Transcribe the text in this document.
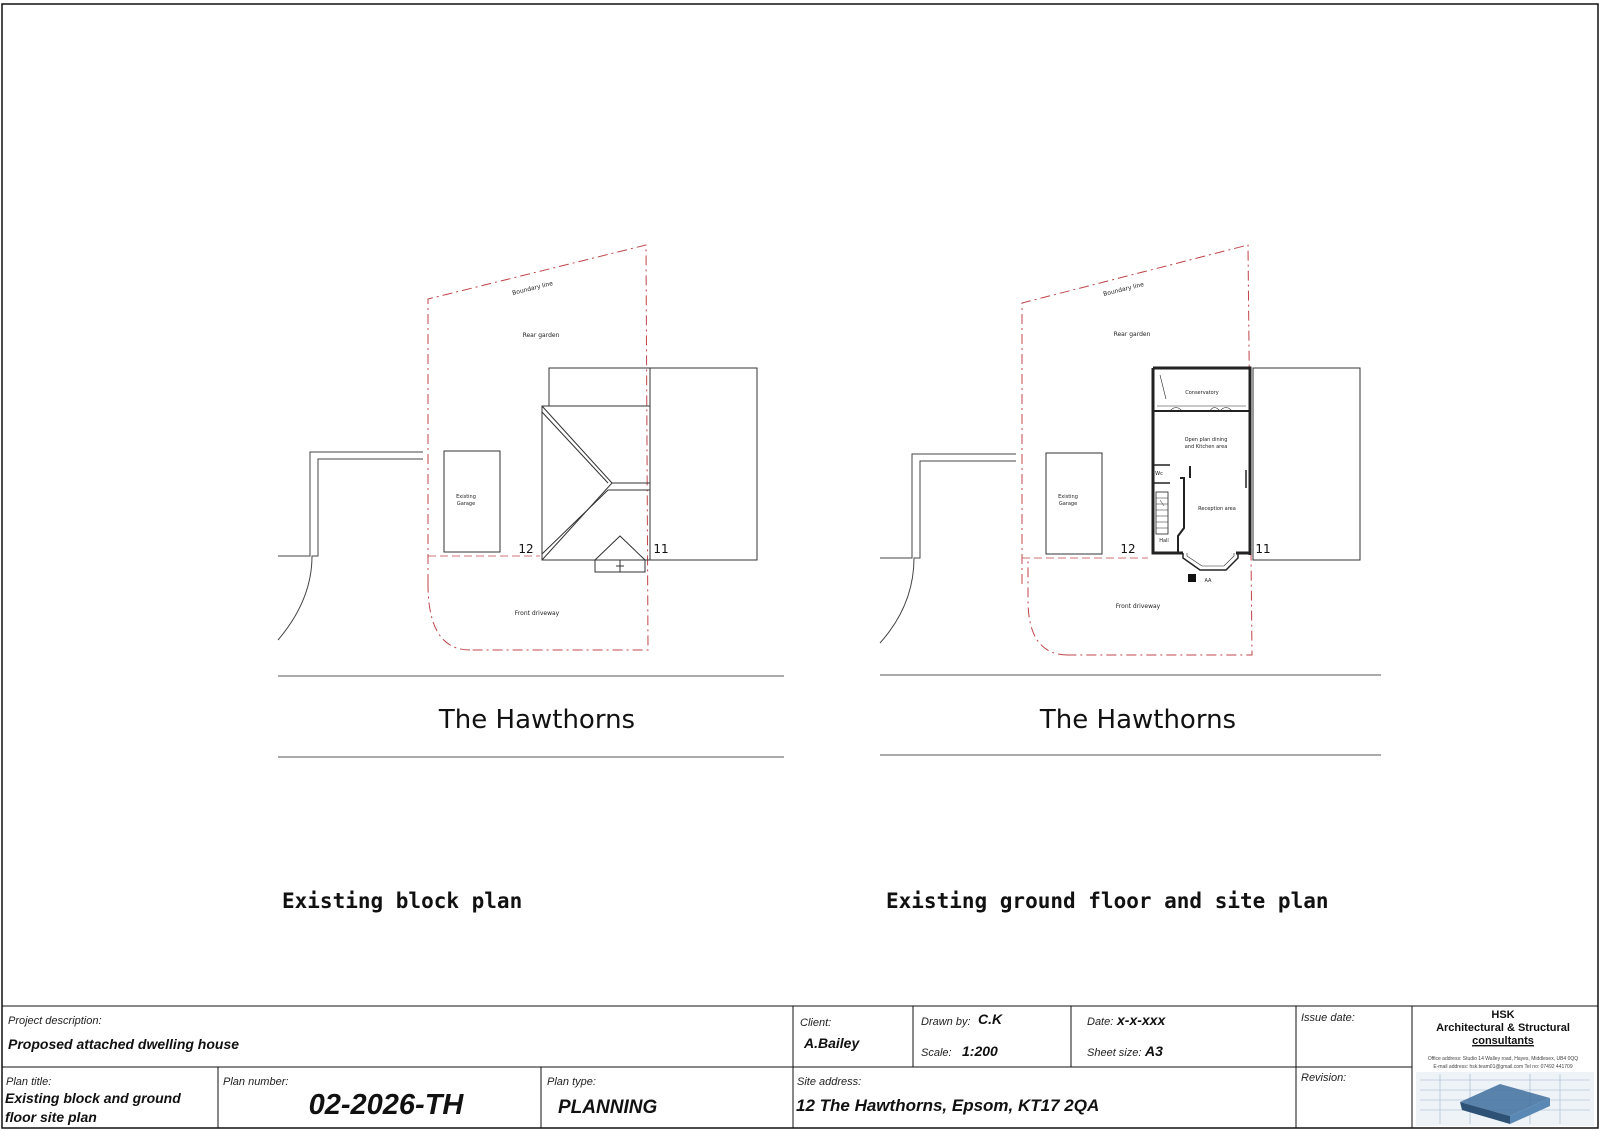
Existing
Garage
12	11
Boundary line
Rear garden
Front driveway
The Hawthorns
Existing block plan
Existing
Garage
AA
Conservatory
Open plan dining
and Kitchen area
Wc
Reception area
Hall
12	11
Boundary line
Rear garden
Front driveway
The Hawthorns
Existing ground floor and site plan
Project description:
Proposed attached dwelling house
Client:
A.Bailey
Drawn by: C.K
Scale: 1:200
Date: x-x-xxx
Sheet size: A3
Issue date:
Revision:
Plan title:
Existing block and ground
floor site plan
Plan number:
02-2026-TH
Plan type:
PLANNING
Site address:
12 The Hawthorns, Epsom, KT17 2QA
HSK
Architectural & Structural
consultants
Office address: Studio 14 Walley road, Hayes, Middlesex, UB4 0QQ
E-mail address: hsk.team01@gmail.com Tel no: 07492 441709
